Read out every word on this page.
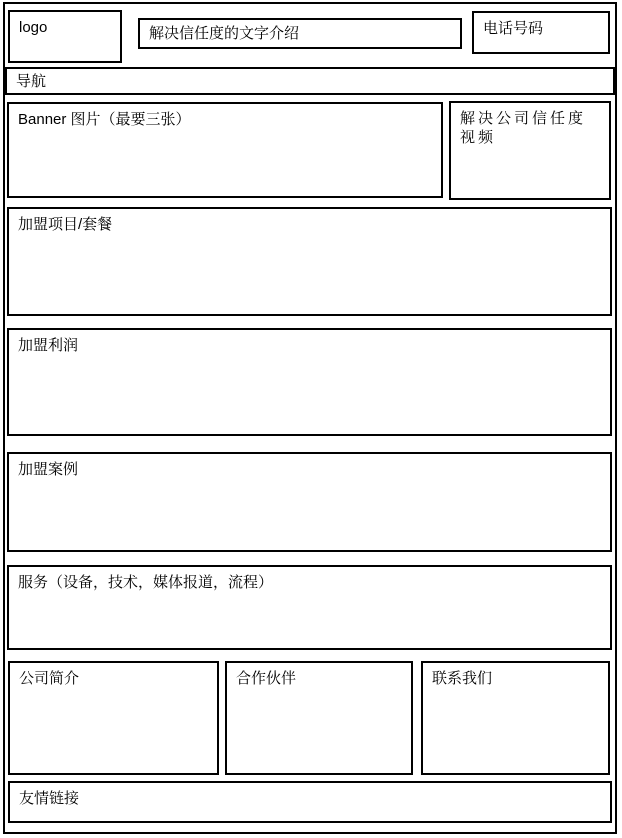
logo	解决信任度的文字介绍	电话号码
导航
Banner 图片（最要三张）	解决公司信任度视频
加盟项目/套餐
加盟利润
加盟案例
服务（设备，技术，媒体报道，流程）
公司简介	合作伙伴	联系我们
友情链接
